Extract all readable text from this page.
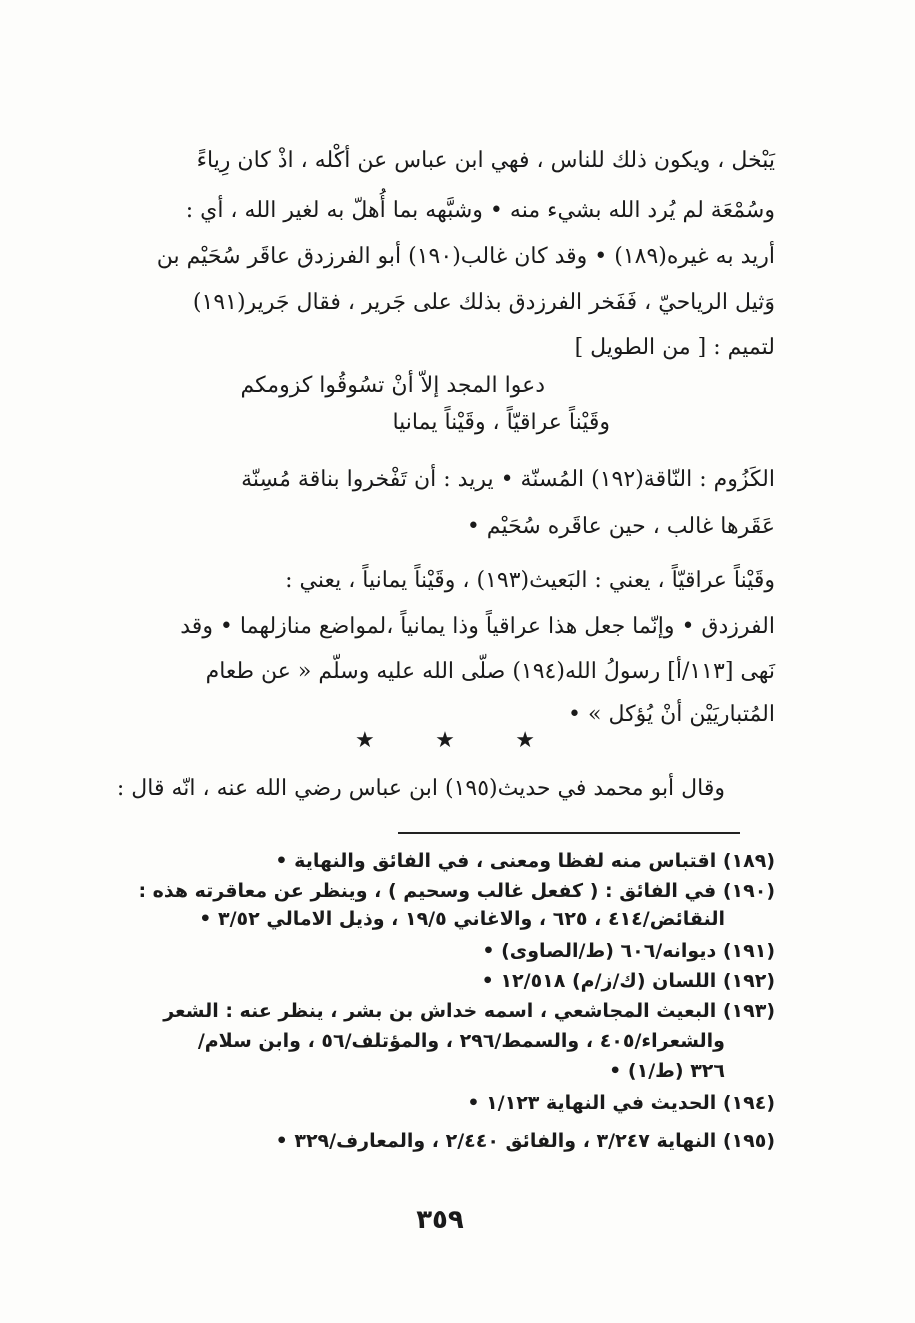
يَبْخل ، ويكون ذلك للناس ، فهي ابن عباس عن أكْله ، اذْ كان رِياءً
وسُمْعَة لم يُرد الله بشيء منه • وشبَّهه بما أُهلّ به لغير الله ، أي :
أريد به غيره(١٨٩) • وقد كان غالب(١٩٠) أبو الفرزدق عاقَر سُحَيْم بن
وَثيل الرياحيّ ، فَفَخر الفرزدق بذلك على جَرير ، فقال جَرير(١٩١)
لتميم : [ من الطويل ]
دعوا المجد إلاّ أنْ تسُوقُوا كزومكم
وقَيْناً عراقيّاً ، وقَيْناً يمانيا
الكَزُوم : النّاقة(١٩٢) المُسنّة • يريد : أن تَفْخروا بناقة مُسِنّة
عَقَرها غالب ، حين عاقَره سُحَيْم •
وقَيْناً عراقيّاً ، يعني : البَعيث(١٩٣) ، وقَيْناً يمانياً ، يعني :
الفرزدق • وإنّما جعل هذا عراقياً وذا يمانياً ،لمواضع منازلهما • وقد
نَهى [١١٣/أ] رسولُ الله(١٩٤) صلّى الله عليه وسلّم « عن طعام
المُتباريَيْن أنْ يُؤكل » •
★	★	★
وقال أبو محمد في حديث(١٩٥) ابن عباس رضي الله عنه ، انّه قال :
(١٨٩) اقتباس منه لفظا ومعنى ، في الفائق والنهاية •
(١٩٠) في الفائق : ( كفعل غالب وسحيم ) ، وينظر عن معاقرته هذه :
النقائض/٤١٤ ، ٦٢٥ ، والاغاني ١٩/٥ ، وذيل الامالي ٣/٥٢ •
(١٩١) ديوانه/٦٠٦ (ط/الصاوى) •
(١٩٢) اللسان (ك/ز/م) ١٢/٥١٨ •
(١٩٣) البعيث المجاشعي ، اسمه خداش بن بشر ، ينظر عنه : الشعر
والشعراء/٤٠٥ ، والسمط/٢٩٦ ، والمؤتلف/٥٦ ، وابن سلام/
٣٢٦ (ط/١) •
(١٩٤) الحديث في النهاية ١/١٢٣ •
(١٩٥) النهاية ٣/٢٤٧ ، والفائق ٢/٤٤٠ ، والمعارف/٣٢٩ •
٣٥٩
